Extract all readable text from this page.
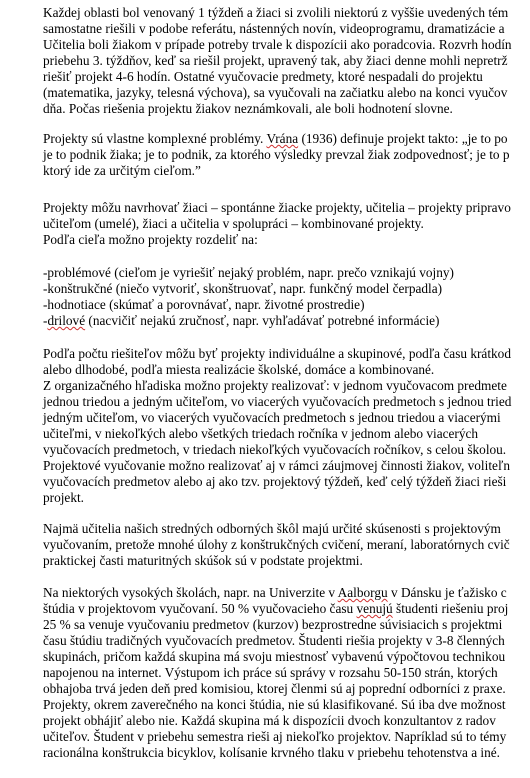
Každej oblasti bol venovaný 1 týždeň a žiaci si zvolili niektorú z vyššie uvedených tém
samostatne riešili v podobe referátu, nástenných novín, videoprogramu, dramatizácie a
Učitelia boli žiakom v prípade potreby trvale k dispozícii ako poradcovia. Rozvrh hodín
priebehu 3. týždňov, keď sa riešil projekt, upravený tak, aby žiaci denne mohli nepretrž
riešiť projekt 4-6 hodín. Ostatné vyučovacie predmety, ktoré nespadali do projektu
(matematika, jazyky, telesná výchova), sa vyučovali na začiatku alebo na konci vyučov
dňa. Počas riešenia projektu žiakov neznámkovali, ale boli hodnotení slovne.
Projekty sú vlastne komplexné problémy. Vrána (1936) definuje projekt takto: „je to po
je to podnik žiaka; je to podnik, za ktorého výsledky prevzal žiak zodpovednosť; je to p
ktorý ide za určitým cieľom.”
Projekty môžu navrhovať žiaci – spontánne žiacke projekty, učitelia – projekty pripravo
učiteľom (umelé), žiaci a učitelia v spolupráci – kombinované projekty.
Podľa cieľa možno projekty rozdeliť na:
-problémové (cieľom je vyriešiť nejaký problém, napr. prečo vznikajú vojny)
-konštrukčné (niečo vytvoriť, skonštruovať, napr. funkčný model čerpadla)
-hodnotiace (skúmať a porovnávať, napr. životné prostredie)
-drilové (nacvičiť nejakú zručnosť, napr. vyhľadávať potrebné informácie)
Podľa počtu riešiteľov môžu byť projekty individuálne a skupinové, podľa času krátkod
alebo dlhodobé, podľa miesta realizácie školské, domáce a kombinované.
Z organizačného hľadiska možno projekty realizovať: v jednom vyučovacom predmete
jednou triedou a jedným učiteľom, vo viacerých vyučovacích predmetoch s jednou tried
jedným učiteľom, vo viacerých vyučovacích predmetoch s jednou triedou a viacerými
učiteľmi, v niekoľkých alebo všetkých triedach ročníka v jednom alebo viacerých
vyučovacích predmetoch, v triedach niekoľkých vyučovacích ročníkov, s celou školou.
Projektové vyučovanie možno realizovať aj v rámci záujmovej činnosti žiakov, voliteľn
vyučovacích predmetov alebo aj ako tzv. projektový týždeň, keď celý týždeň žiaci rieši
projekt.
Najmä učitelia našich stredných odborných škôl majú určité skúsenosti s projektovým
vyučovaním, pretože mnohé úlohy z konštrukčných cvičení, meraní, laboratórnych cvič
praktickej časti maturitných skúšok sú v podstate projektmi.
Na niektorých vysokých školách, napr. na Univerzite v Aalborgu v Dánsku je ťažisko c
štúdia v projektovom vyučovaní. 50 % vyučovacieho času venujú študenti riešeniu proj
25 % sa venuje vyučovaniu predmetov (kurzov) bezprostredne súvisiacich s projektmi
času štúdiu tradičných vyučovacích predmetov. Študenti riešia projekty v 3-8 členných
skupinách, pričom každá skupina má svoju miestnosť vybavenú výpočtovou technikou
napojenou na internet. Výstupom ich práce sú správy v rozsahu 50-150 strán, ktorých
obhajoba trvá jeden deň pred komisiou, ktorej členmi sú aj poprední odborníci z praxe.
Projekty, okrem zaverečného na konci štúdia, nie sú klasifikované. Sú iba dve možnost
projekt obhájiť alebo nie. Každá skupina má k dispozícii dvoch konzultantov z radov
učiteľov. Študent v priebehu semestra rieši aj niekoľko projektov. Napríklad sú to témy
racionálna konštrukcia bicyklov, kolísanie krvného tlaku v priebehu tehotenstva a iné.
